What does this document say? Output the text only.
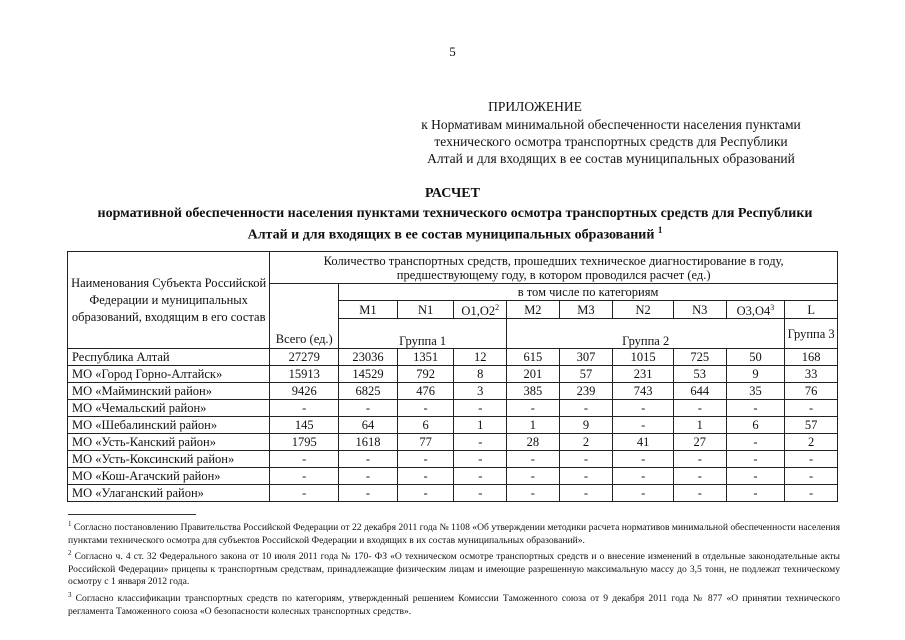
5
ПРИЛОЖЕНИЕ
к Нормативам минимальной обеспеченности населения пунктами
технического осмотра транспортных средств для Республики
Алтай и для входящих в ее состав муниципальных образований
РАСЧЕТ
нормативной обеспеченности населения пунктами технического осмотра транспортных средств для Республики
Алтай и для входящих в ее состав муниципальных образований $^1$
Наименования Субъекта Российской Федерации и муниципальных образований, входящим в его состав	Количество транспортных средств, прошедших техническое диагностирование в году, предшествующему году, в котором проводился расчет (ед.)									
	Всего (ед.)	в том числе по категориям								
		M1	N1	$O1,O2^2$	M2	M3	N2	N3	$O3,O4^3$	L
		Группа 1			Группа 2					Группа 3
Республика Алтай	27279	23036	1351	12	615	307	1015	725	50	168
МО «Город Горно-Алтайск»	15913	14529	792	8	201	57	231	53	9	33
МО «Майминский район»	9426	6825	476	3	385	239	743	644	35	76
МО «Чемальский район»	-	-	-	-	-	-	-	-	-	-
МО «Шебалинский район»	145	64	6	1	1	9	-	1	6	57
МО «Усть-Канский район»	1795	1618	77	-	28	2	41	27	-	2
МО «Усть-Коксинский район»	-	-	-	-	-	-	-	-	-	-
МО «Кош-Агачский район»	-	-	-	-	-	-	-	-	-	-
МО «Улаганский район»	-	-	-	-	-	-	-	-	-	-

$^1$ Согласно постановлению Правительства Российской Федерации от 22 декабря 2011 года № 1108 «Об утверждении методики расчета нормативов минимальной обеспеченности населения пунктами технического осмотра для субъектов Российской Федерации и входящих в их состав муниципальных образований».

$^2$ Согласно ч. 4 ст. 32 Федерального закона от 10 июля 2011 года № 170- ФЗ «О техническом осмотре транспортных средств и о внесение изменений в отдельные законодательные акты Российской Федерации» прицепы к транспортным средствам, принадлежащие физическим лицам и имеющие разрешенную максимальную массу до 3,5 тонн, не подлежат техническому осмотру с 1 января 2012 года.

$^3$ Согласно классификации транспортных средств по категориям, утвержденный решением Комиссии Таможенного союза от 9 декабря 2011 года № 877 «О принятии технического регламента Таможенного союза «О безопасности колесных транспортных средств».
